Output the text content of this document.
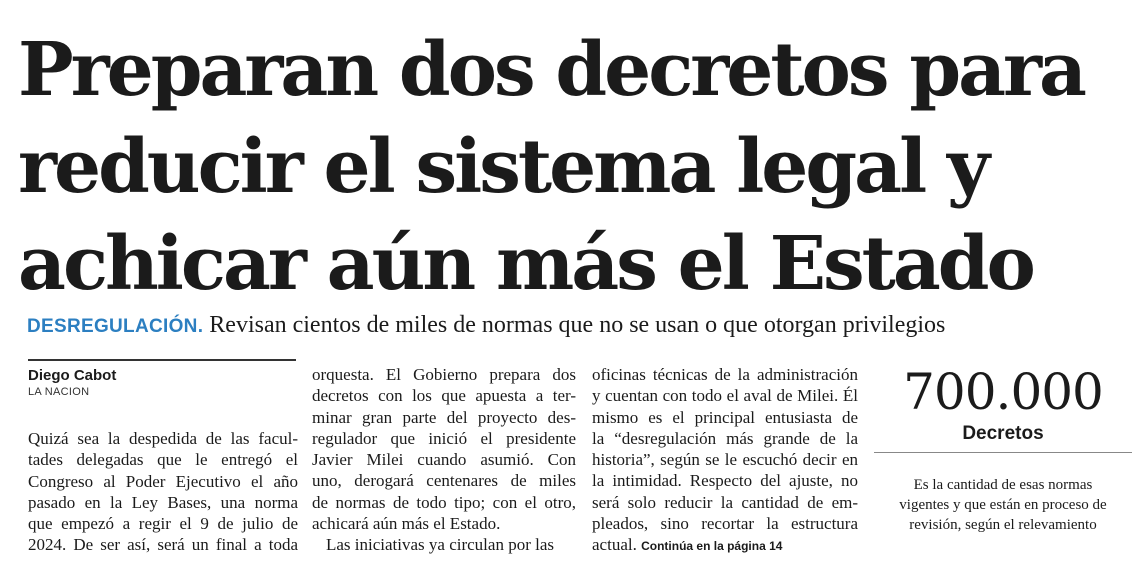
Preparan dos decretos para
reducir el sistema legal y
achicar aún más el Estado
DESREGULACIÓN. Revisan cientos de miles de normas que no se usan o que otorgan privilegios
Diego Cabot
LA NACION
Quizá sea la despedida de las facul-
tades delegadas que le entregó el
Congreso al Poder Ejecutivo el año
pasado en la Ley Bases, una norma
que empezó a regir el 9 de julio de
2024. De ser así, será un final a toda
orquesta. El Gobierno prepara dos
decretos con los que apuesta a ter-
minar gran parte del proyecto des-
regulador que inició el presidente
Javier Milei cuando asumió. Con
uno, derogará centenares de miles
de normas de todo tipo; con el otro,
achicará aún más el Estado.
Las iniciativas ya circulan por las
oficinas técnicas de la administración
y cuentan con todo el aval de Milei. Él
mismo es el principal entusiasta de
la “desregulación más grande de la
historia”, según se le escuchó decir en
la intimidad. Respecto del ajuste, no
será solo reducir la cantidad de em-
pleados, sino recortar la estructura
actual. Continúa en la página 14
700.000
Decretos
Es la cantidad de esas normas
vigentes y que están en proceso de
revisión, según el relevamiento
